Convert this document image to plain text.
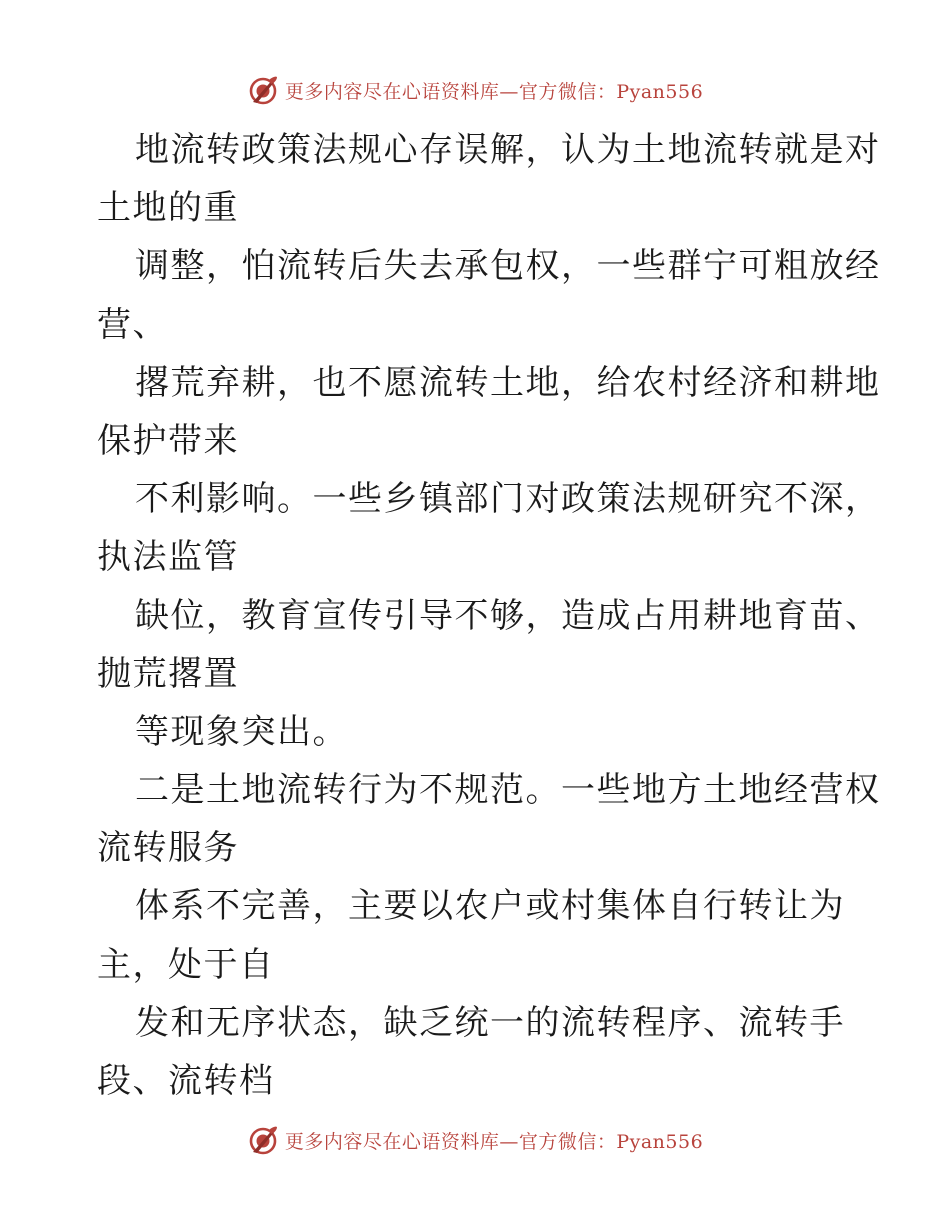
更多内容尽在心语资料库—官方微信：Pyan556
地流转政策法规心存误解，认为土地流转就是对
土地的重
调整，怕流转后失去承包权，一些群宁可粗放经
营、
撂荒弃耕，也不愿流转土地，给农村经济和耕地
保护带来
不利影响。一些乡镇部门对政策法规研究不深，
执法监管
缺位，教育宣传引导不够，造成占用耕地育苗、
抛荒撂置
等现象突出。
二是土地流转行为不规范。一些地方土地经营权
流转服务
体系不完善，主要以农户或村集体自行转让为
主，处于自
发和无序状态，缺乏统一的流转程序、流转手
段、流转档
更多内容尽在心语资料库—官方微信：Pyan556
